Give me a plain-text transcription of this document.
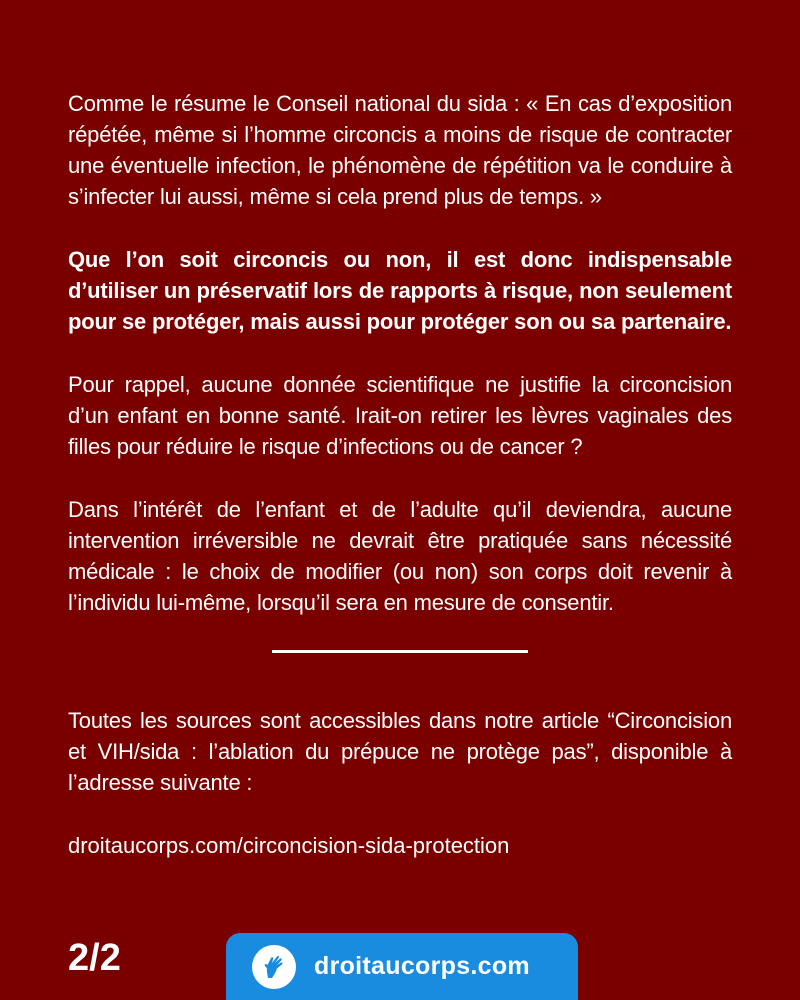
Comme le résume le Conseil national du sida : « En cas d’exposition répétée, même si l’homme circoncis a moins de risque de contracter une éventuelle infection, le phénomène de répétition va le conduire à s’infecter lui aussi, même si cela prend plus de temps. »

Que l’on soit circoncis ou non, il est donc indispensable d’utiliser un préservatif lors de rapports à risque, non seulement pour se protéger, mais aussi pour protéger son ou sa partenaire.

Pour rappel, aucune donnée scientifique ne justifie la circoncision d’un enfant en bonne santé. Irait-on retirer les lèvres vaginales des filles pour réduire le risque d’infections ou de cancer ?

Dans l’intérêt de l’enfant et de l’adulte qu’il deviendra, aucune intervention irréversible ne devrait être pratiquée sans nécessité médicale : le choix de modifier (ou non) son corps doit revenir à l’individu lui-même, lorsqu’il sera en mesure de consentir.

Toutes les sources sont accessibles dans notre article “Circoncision et VIH/sida : l’ablation du prépuce ne protège pas”, disponible à l’adresse suivante :

droitaucorps.com/circoncision-sida-protection

2/2	droitaucorps.com
